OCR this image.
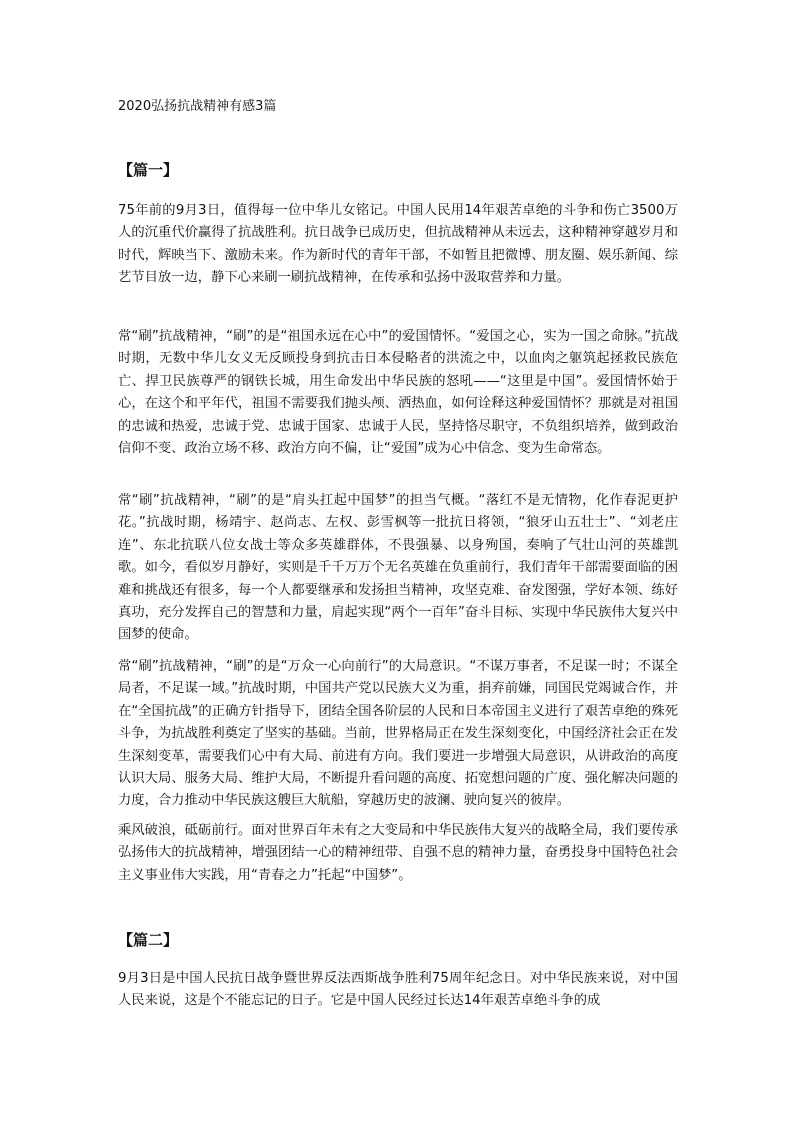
2020弘扬抗战精神有感3篇

【篇一】

75年前的9月3日，值得每一位中华儿女铭记。中国人民用14年艰苦卓绝的斗争和伤亡3500万人的沉重代价赢得了抗战胜利。抗日战争已成历史，但抗战精神从未远去，这种精神穿越岁月和时代，辉映当下、激励未来。作为新时代的青年干部，不如暂且把微博、朋友圈、娱乐新闻、综艺节目放一边，静下心来刷一刷抗战精神，在传承和弘扬中汲取营养和力量。

常“刷”抗战精神，“刷”的是“祖国永远在心中”的爱国情怀。“爱国之心，实为一国之命脉。”抗战时期，无数中华儿女义无反顾投身到抗击日本侵略者的洪流之中，以血肉之躯筑起拯救民族危亡、捍卫民族尊严的钢铁长城，用生命发出中华民族的怒吼——“这里是中国”。爱国情怀始于心，在这个和平年代，祖国不需要我们抛头颅、洒热血，如何诠释这种爱国情怀？那就是对祖国的忠诚和热爱，忠诚于党、忠诚于国家、忠诚于人民，坚持恪尽职守，不负组织培养，做到政治信仰不变、政治立场不移、政治方向不偏，让“爱国”成为心中信念、变为生命常态。

常“刷”抗战精神，“刷”的是“肩头扛起中国梦”的担当气概。“落红不是无情物，化作春泥更护花。”抗战时期，杨靖宇、赵尚志、左权、彭雪枫等一批抗日将领，“狼牙山五壮士”、“刘老庄连”、东北抗联八位女战士等众多英雄群体，不畏强暴、以身殉国，奏响了气壮山河的英雄凯歌。如今，看似岁月静好，实则是千千万万个无名英雄在负重前行，我们青年干部需要面临的困难和挑战还有很多，每一个人都要继承和发扬担当精神，攻坚克难、奋发图强，学好本领、练好真功，充分发挥自己的智慧和力量，肩起实现“两个一百年”奋斗目标、实现中华民族伟大复兴中国梦的使命。

常“刷”抗战精神，“刷”的是“万众一心向前行”的大局意识。“不谋万事者，不足谋一时；不谋全局者，不足谋一域。”抗战时期，中国共产党以民族大义为重，捐弃前嫌，同国民党竭诚合作，并在“全国抗战”的正确方针指导下，团结全国各阶层的人民和日本帝国主义进行了艰苦卓绝的殊死斗争，为抗战胜利奠定了坚实的基础。当前，世界格局正在发生深刻变化，中国经济社会正在发生深刻变革，需要我们心中有大局、前进有方向。我们要进一步增强大局意识，从讲政治的高度认识大局、服务大局、维护大局，不断提升看问题的高度、拓宽想问题的广度、强化解决问题的力度，合力推动中华民族这艘巨大航船，穿越历史的波澜、驶向复兴的彼岸。

乘风破浪，砥砺前行。面对世界百年未有之大变局和中华民族伟大复兴的战略全局，我们要传承弘扬伟大的抗战精神，增强团结一心的精神纽带、自强不息的精神力量，奋勇投身中国特色社会主义事业伟大实践，用“青春之力”托起“中国梦”。

【篇二】

9月3日是中国人民抗日战争暨世界反法西斯战争胜利75周年纪念日。对中华民族来说，对中国人民来说，这是个不能忘记的日子。它是中国人民经过长达14年艰苦卓绝斗争的成
